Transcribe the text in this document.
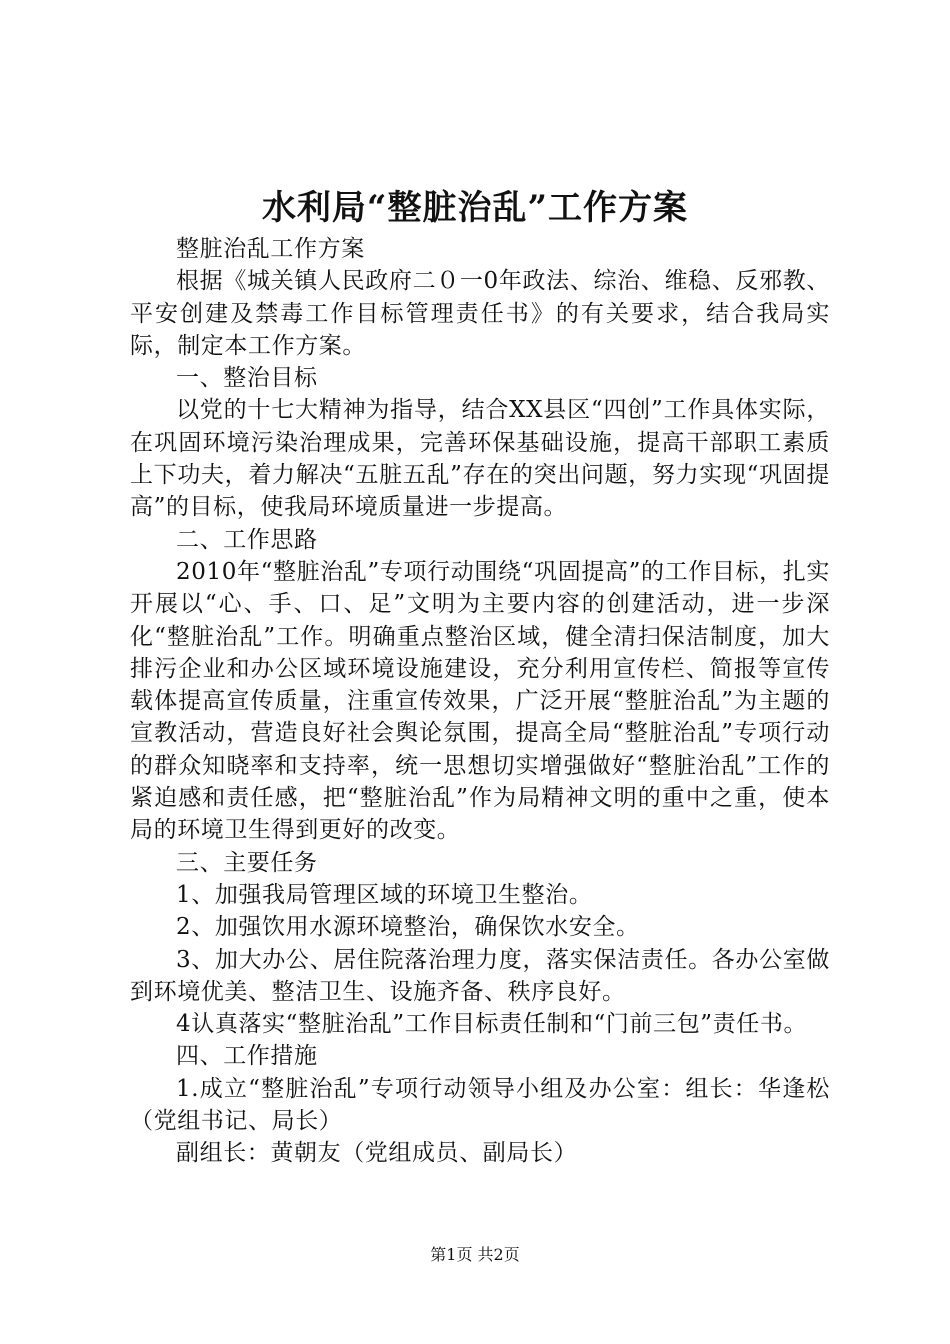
水利局“整脏治乱”工作方案

整脏治乱工作方案

根据《城关镇人民政府二０一0年政法、综治、维稳、反邪教、平安创建及禁毒工作目标管理责任书》的有关要求，结合我局实际，制定本工作方案。

一、整治目标

以党的十七大精神为指导，结合XX县区“四创”工作具体实际，在巩固环境污染治理成果，完善环保基础设施，提高干部职工素质上下功夫，着力解决“五脏五乱”存在的突出问题，努力实现“巩固提高”的目标，使我局环境质量进一步提高。

二、工作思路

2010年“整脏治乱”专项行动围绕“巩固提高”的工作目标，扎实开展以“心、手、口、足”文明为主要内容的创建活动，进一步深化“整脏治乱”工作。明确重点整治区域，健全清扫保洁制度，加大排污企业和办公区域环境设施建设，充分利用宣传栏、简报等宣传载体提高宣传质量，注重宣传效果，广泛开展“整脏治乱”为主题的宣教活动，营造良好社会舆论氛围，提高全局“整脏治乱”专项行动的群众知晓率和支持率，统一思想切实增强做好“整脏治乱”工作的紧迫感和责任感，把“整脏治乱”作为局精神文明的重中之重，使本局的环境卫生得到更好的改变。

三、主要任务

1、加强我局管理区域的环境卫生整治。

2、加强饮用水源环境整治，确保饮水安全。

3、加大办公、居住院落治理力度，落实保洁责任。各办公室做到环境优美、整洁卫生、设施齐备、秩序良好。

4认真落实“整脏治乱”工作目标责任制和“门前三包”责任书。

四、工作措施

1.成立“整脏治乱”专项行动领导小组及办公室：组长：华逢松（党组书记、局长）

副组长：黄朝友（党组成员、副局长）

第1页 共2页
